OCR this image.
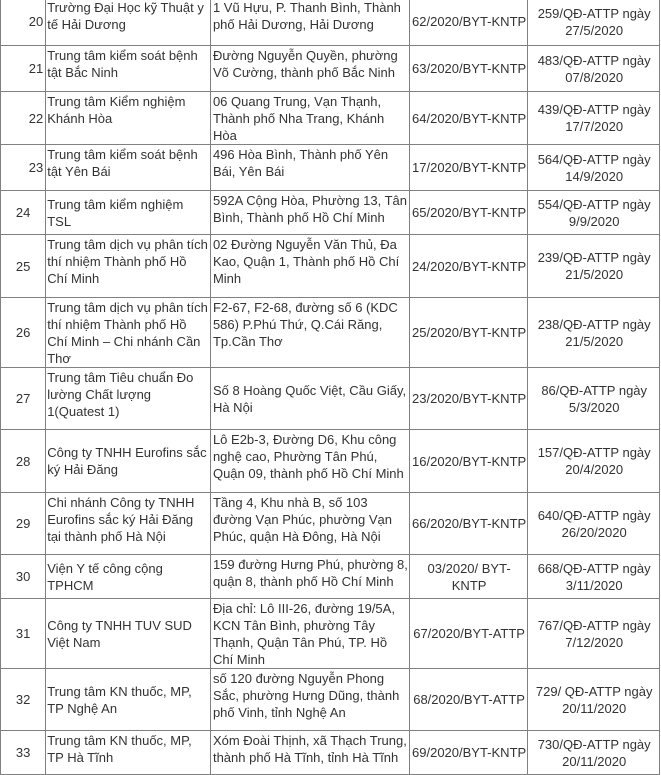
20	Trường Đại Học kỹ Thuật y tế Hải Dương	1 Vũ Hựu, P. Thanh Bình, Thành phố Hải Dương, Hải Dương	62/2020/BYT-KNTP	259/QĐ-ATTP ngày 27/5/2020
21	Trung tâm kiểm soát bệnh tật Bắc Ninh	Đường Nguyễn Quyền, phường Võ Cường, thành phố Bắc Ninh	63/2020/BYT-KNTP	483/QĐ-ATTP ngày 07/8/2020
22	Trung tâm Kiểm nghiệm Khánh Hòa	06 Quang Trung, Vạn Thạnh, Thành phố Nha Trang, Khánh Hòa	64/2020/BYT-KNTP	439/QĐ-ATTP ngày 17/7/2020
23	Trung tâm kiểm soát bệnh tật Yên Bái	496 Hòa Bình, Thành phố Yên Bái, Yên Bái	17/2020/BYT-KNTP	564/QĐ-ATTP ngày 14/9/2020
24	Trung tâm kiểm nghiệm TSL	592A Cộng Hòa, Phường 13, Tân Bình, Thành phố Hồ Chí Minh	65/2020/BYT-KNTP	554/QĐ-ATTP ngày 9/9/2020
25	Trung tâm dịch vụ phân tích thí nhiệm Thành phố Hồ Chí Minh	02 Đường Nguyễn Văn Thủ, Đa Kao, Quận 1, Thành phố Hồ Chí Minh	24/2020/BYT-KNTP	239/QĐ-ATTP ngày 21/5/2020
26	Trung tâm dịch vụ phân tích thí nhiệm Thành phố Hồ Chí Minh – Chi nhánh Cần Thơ	F2-67, F2-68, đường số 6 (KDC 586) P.Phú Thứ, Q.Cái Răng, Tp.Cần Thơ	25/2020/BYT-KNTP	238/QĐ-ATTP ngày 21/5/2020
27	Trung tâm Tiêu chuẩn Đo lường Chất lượng 1(Quatest 1)	Số 8 Hoàng Quốc Việt, Cầu Giấy, Hà Nội	23/2020/BYT-KNTP	86/QĐ-ATTP ngày 5/3/2020
28	Công ty TNHH Eurofins sắc ký Hải Đăng	Lô E2b-3, Đường D6, Khu công nghệ cao, Phường Tân Phú, Quận 09, thành phố Hồ Chí Minh	16/2020/BYT-KNTP	157/QĐ-ATTP ngày 20/4/2020
29	Chi nhánh Công ty TNHH Eurofins sắc ký Hải Đăng tại thành phố Hà Nội	Tầng 4, Khu nhà B, số 103 đường Vạn Phúc, phường Vạn Phúc, quận Hà Đông, Hà Nội	66/2020/BYT-KNTP	640/QĐ-ATTP ngày 26/20/2020
30	Viện Y tế công cộng TPHCM	159 đường Hưng Phú, phường 8, quận 8, thành phố Hồ Chí Minh	03/2020/ BYT-KNTP	668/QĐ-ATTP ngày 3/11/2020
31	Công ty TNHH TUV SUD Việt Nam	Địa chỉ: Lô III-26, đường 19/5A, KCN Tân Bình, phường Tây Thạnh, Quận Tân Phú, TP. Hồ Chí Minh	67/2020/BYT-ATTP	767/QĐ-ATTP ngày 7/12/2020
32	Trung tâm KN thuốc, MP, TP Nghệ An	số 120 đường Nguyễn Phong Sắc, phường Hưng Dũng, thành phố Vinh, tỉnh Nghệ An	68/2020/BYT-ATTP	729/ QĐ-ATTP ngày 20/11/2020
33	Trung tâm KN thuốc, MP, TP Hà Tĩnh	Xóm Đoài Thịnh, xã Thạch Trung, thành phố Hà Tĩnh, tỉnh Hà Tĩnh	69/2020/BYT-KNTP	730/QĐ-ATTP ngày 20/11/2020
